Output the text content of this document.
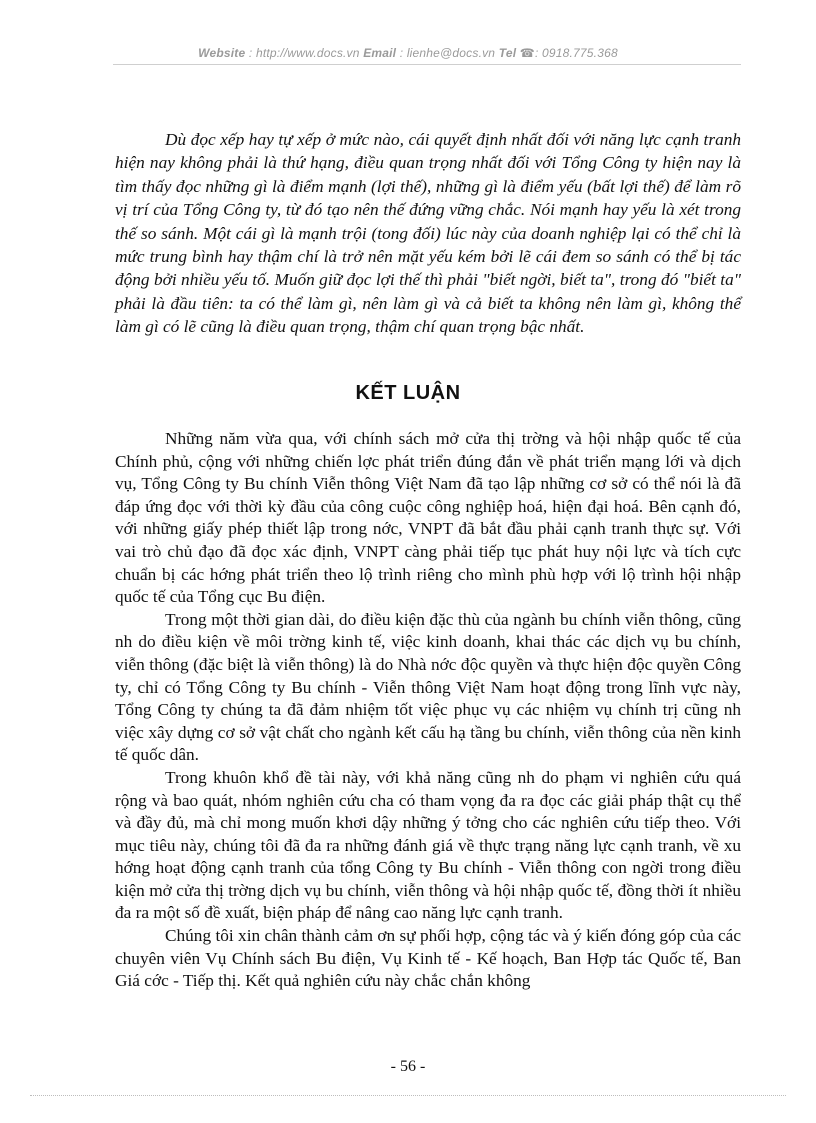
Website : http://www.docs.vn Email : lienhe@docs.vn Tel ☎: 0918.775.368

Dù đọc xếp hay tự xếp ở mức nào, cái quyết định nhất đối với năng lực cạnh tranh hiện nay không phải là thứ hạng, điều quan trọng nhất đối với Tổng Công ty hiện nay là tìm thấy đọc những gì là điểm mạnh (lợi thế), những gì là điểm yếu (bất lợi thế) để làm rõ vị trí của Tổng Công ty, từ đó tạo nên thế đứng vững chắc. Nói mạnh hay yếu là xét trong thế so sánh. Một cái gì là mạnh trội (tong đối) lúc này của doanh nghiệp lại có thể chỉ là mức trung bình hay thậm chí là trở nên mặt yếu kém bởi lẽ cái đem so sánh có thể bị tác động bởi nhiều yếu tố. Muốn giữ đọc lợi thế thì phải "biết ngời, biết ta", trong đó "biết ta" phải là đầu tiên: ta có thể làm gì, nên làm gì và cả biết ta không nên làm gì, không thể làm gì có lẽ cũng là điều quan trọng, thậm chí quan trọng bậc nhất.

KẾT LUẬN

Những năm vừa qua, với chính sách mở cửa thị trờng và hội nhập quốc tế của Chính phủ, cộng với những chiến lợc phát triển đúng đắn về phát triển mạng lới và dịch vụ, Tổng Công ty Bu chính Viễn thông Việt Nam đã tạo lập những cơ sở có thể nói là đã đáp ứng đọc với thời kỳ đầu của công cuộc công nghiệp hoá, hiện đại hoá. Bên cạnh đó, với những giấy phép thiết lập trong nớc, VNPT đã bắt đầu phải cạnh tranh thực sự. Với vai trò chủ đạo đã đọc xác định, VNPT càng phải tiếp tục phát huy nội lực và tích cực chuẩn bị các hớng phát triển theo lộ trình riêng cho mình phù hợp với lộ trình hội nhập quốc tế của Tổng cục Bu điện.

Trong một thời gian dài, do điều kiện đặc thù của ngành bu chính viễn thông, cũng nh do điều kiện về môi trờng kinh tế, việc kinh doanh, khai thác các dịch vụ bu chính, viễn thông (đặc biệt là viễn thông) là do Nhà nớc độc quyền và thực hiện độc quyền Công ty, chỉ có Tổng Công ty Bu chính - Viễn thông Việt Nam hoạt động trong lĩnh vực này, Tổng Công ty chúng ta đã đảm nhiệm tốt việc phục vụ các nhiệm vụ chính trị cũng nh việc xây dựng cơ sở vật chất cho ngành kết cấu hạ tầng bu chính, viễn thông của nền kinh tế quốc dân.

Trong khuôn khổ đề tài này, với khả năng cũng nh do phạm vi nghiên cứu quá rộng và bao quát, nhóm nghiên cứu cha có tham vọng đa ra đọc các giải pháp thật cụ thể và đầy đủ, mà chỉ mong muốn khơi dậy những ý tởng cho các nghiên cứu tiếp theo. Với mục tiêu này, chúng tôi đã đa ra những đánh giá về thực trạng năng lực cạnh tranh, về xu hớng hoạt động cạnh tranh của tổng Công ty Bu chính - Viễn thông con ngời trong điều kiện mở cửa thị trờng dịch vụ bu chính, viễn thông và hội nhập quốc tế, đồng thời ít nhiều đa ra một số đề xuất, biện pháp để nâng cao năng lực cạnh tranh.

Chúng tôi xin chân thành cảm ơn sự phối hợp, cộng tác và ý kiến đóng góp của các chuyên viên Vụ Chính sách Bu điện, Vụ Kinh tế - Kế hoạch, Ban Hợp tác Quốc tế, Ban Giá cớc - Tiếp thị. Kết quả nghiên cứu này chắc chắn không

- 56 -
